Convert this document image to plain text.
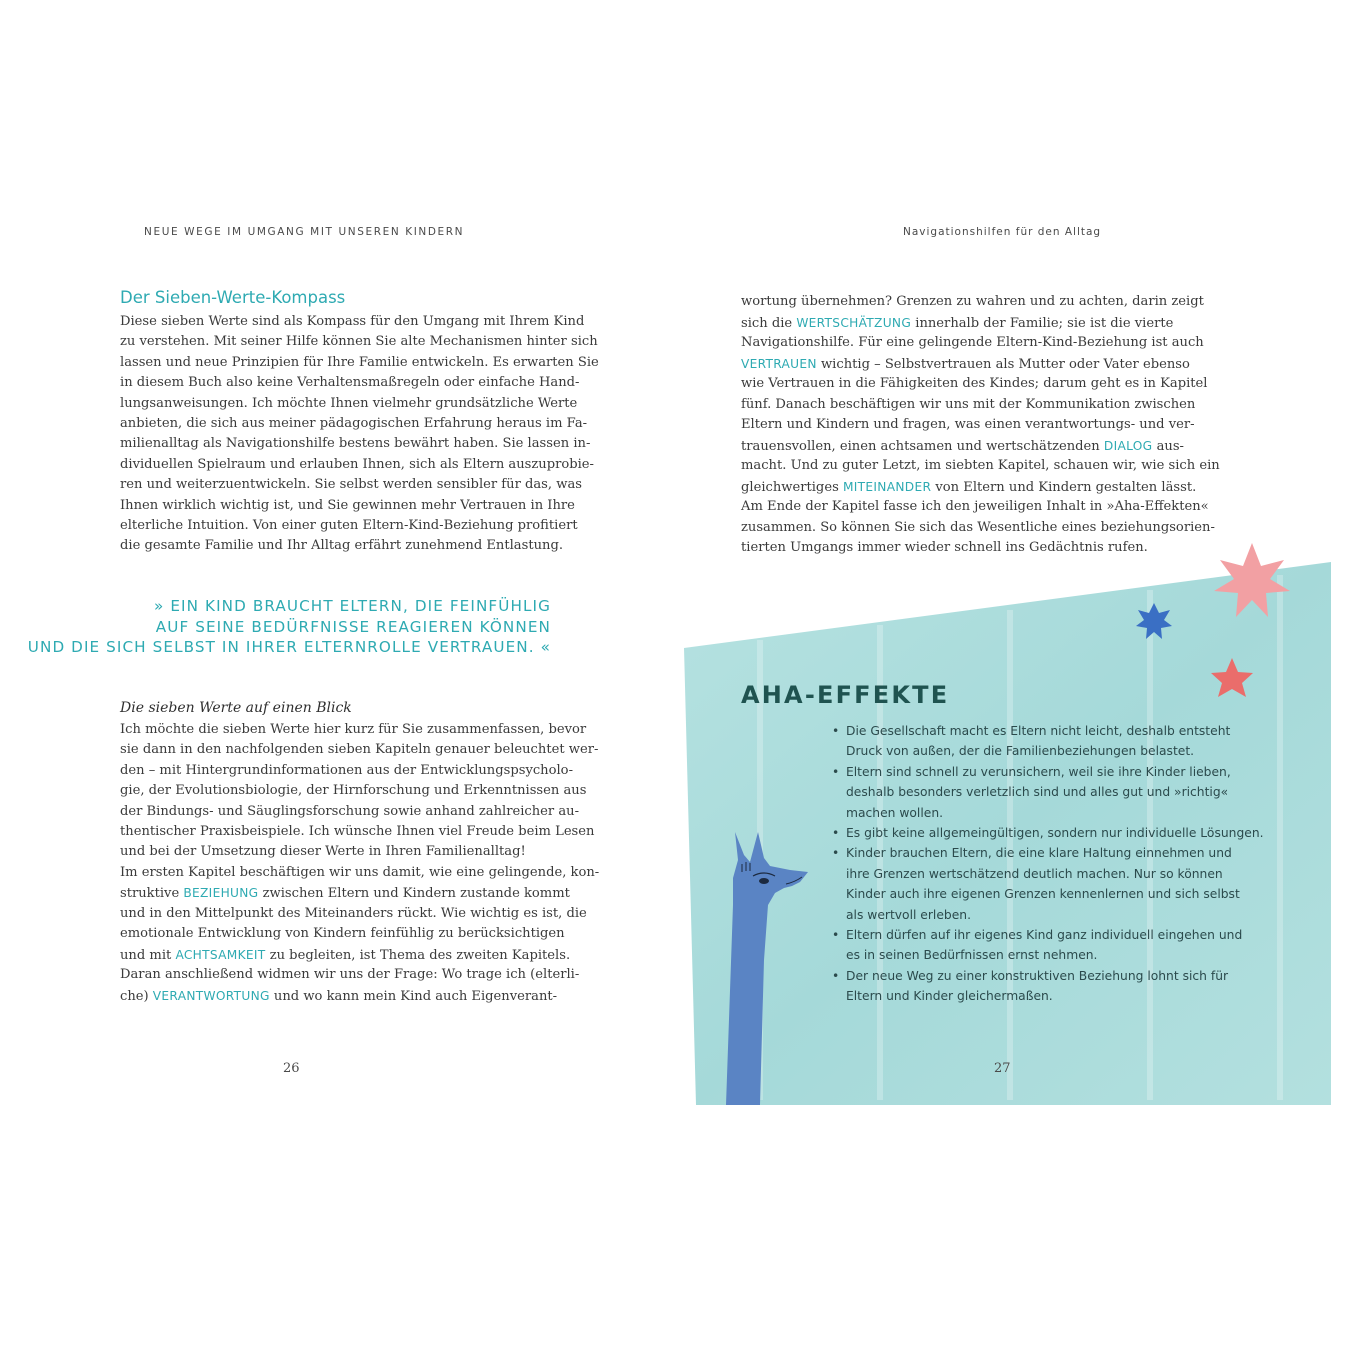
NEUE WEGE IM UMGANG MIT UNSEREN KINDERN
Der Sieben-Werte-Kompass
Diese sieben Werte sind als Kompass für den Umgang mit Ihrem Kind
zu verstehen. Mit seiner Hilfe können Sie alte Mechanismen hinter sich
lassen und neue Prinzipien für Ihre Familie entwickeln. Es erwarten Sie
in diesem Buch also keine Verhaltensmaßregeln oder einfache Hand-
lungsanweisungen. Ich möchte Ihnen vielmehr grundsätzliche Werte
anbieten, die sich aus meiner pädagogischen Erfahrung heraus im Fa-
milienalltag als Navigationshilfe bestens bewährt haben. Sie lassen in-
dividuellen Spielraum und erlauben Ihnen, sich als Eltern auszuprobie-
ren und weiterzuentwickeln. Sie selbst werden sensibler für das, was
Ihnen wirklich wichtig ist, und Sie gewinnen mehr Vertrauen in Ihre
elterliche Intuition. Von einer guten Eltern-Kind-Beziehung profitiert
die gesamte Familie und Ihr Alltag erfährt zunehmend Entlastung.
» EIN KIND BRAUCHT ELTERN, DIE FEINFÜHLIG
AUF SEINE BEDÜRFNISSE REAGIEREN KÖNNEN
UND DIE SICH SELBST IN IHRER ELTERNROLLE VERTRAUEN. «
Die sieben Werte auf einen Blick
Ich möchte die sieben Werte hier kurz für Sie zusammenfassen, bevor
sie dann in den nachfolgenden sieben Kapiteln genauer beleuchtet wer-
den – mit Hintergrundinformationen aus der Entwicklungspsycholo-
gie, der Evolutionsbiologie, der Hirnforschung und Erkenntnissen aus
der Bindungs- und Säuglingsforschung sowie anhand zahlreicher au-
thentischer Praxisbeispiele. Ich wünsche Ihnen viel Freude beim Lesen
und bei der Umsetzung dieser Werte in Ihren Familienalltag!
Im ersten Kapitel beschäftigen wir uns damit, wie eine gelingende, kon-
struktive BEZIEHUNG zwischen Eltern und Kindern zustande kommt
und in den Mittelpunkt des Miteinanders rückt. Wie wichtig es ist, die
emotionale Entwicklung von Kindern feinfühlig zu berücksichtigen
und mit ACHTSAMKEIT zu begleiten, ist Thema des zweiten Kapitels.
Daran anschließend widmen wir uns der Frage: Wo trage ich (elterli-
che) VERANTWORTUNG und wo kann mein Kind auch Eigenverant-
26
Navigationshilfen für den Alltag
wortung übernehmen? Grenzen zu wahren und zu achten, darin zeigt
sich die WERTSCHÄTZUNG innerhalb der Familie; sie ist die vierte
Navigationshilfe. Für eine gelingende Eltern-Kind-Beziehung ist auch
VERTRAUEN wichtig – Selbstvertrauen als Mutter oder Vater ebenso
wie Vertrauen in die Fähigkeiten des Kindes; darum geht es in Kapitel
fünf. Danach beschäftigen wir uns mit der Kommunikation zwischen
Eltern und Kindern und fragen, was einen verantwortungs- und ver-
trauensvollen, einen achtsamen und wertschätzenden DIALOG aus-
macht. Und zu guter Letzt, im siebten Kapitel, schauen wir, wie sich ein
gleichwertiges MITEINANDER von Eltern und Kindern gestalten lässt.
Am Ende der Kapitel fasse ich den jeweiligen Inhalt in »Aha-Effekten«
zusammen. So können Sie sich das Wesentliche eines beziehungsorien-
tierten Umgangs immer wieder schnell ins Gedächtnis rufen.
AHA-EFFEKTE
• Die Gesellschaft macht es Eltern nicht leicht, deshalb entsteht
Druck von außen, der die Familienbeziehungen belastet.
• Eltern sind schnell zu verunsichern, weil sie ihre Kinder lieben,
deshalb besonders verletzlich sind und alles gut und »richtig«
machen wollen.
• Es gibt keine allgemeingültigen, sondern nur individuelle Lösungen.
• Kinder brauchen Eltern, die eine klare Haltung einnehmen und
ihre Grenzen wertschätzend deutlich machen. Nur so können
Kinder auch ihre eigenen Grenzen kennenlernen und sich selbst
als wertvoll erleben.
• Eltern dürfen auf ihr eigenes Kind ganz individuell eingehen und
es in seinen Bedürfnissen ernst nehmen.
• Der neue Weg zu einer konstruktiven Beziehung lohnt sich für
Eltern und Kinder gleichermaßen.
27
